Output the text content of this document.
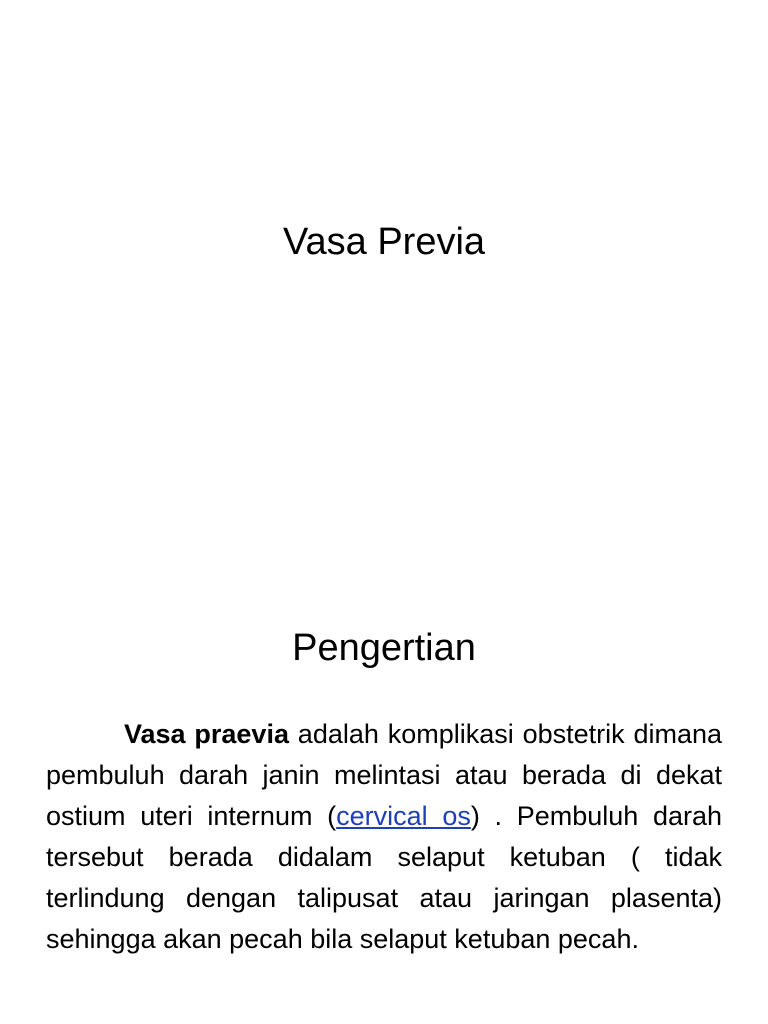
Vasa Previa
Pengertian

Vasa praevia adalah komplikasi obstetrik dimana pembuluh darah janin melintasi atau berada di dekat ostium uteri internum (cervical os) . Pembuluh darah tersebut berada didalam selaput ketuban ( tidak terlindung dengan talipusat atau jaringan plasenta) sehingga akan pecah bila selaput ketuban pecah.
